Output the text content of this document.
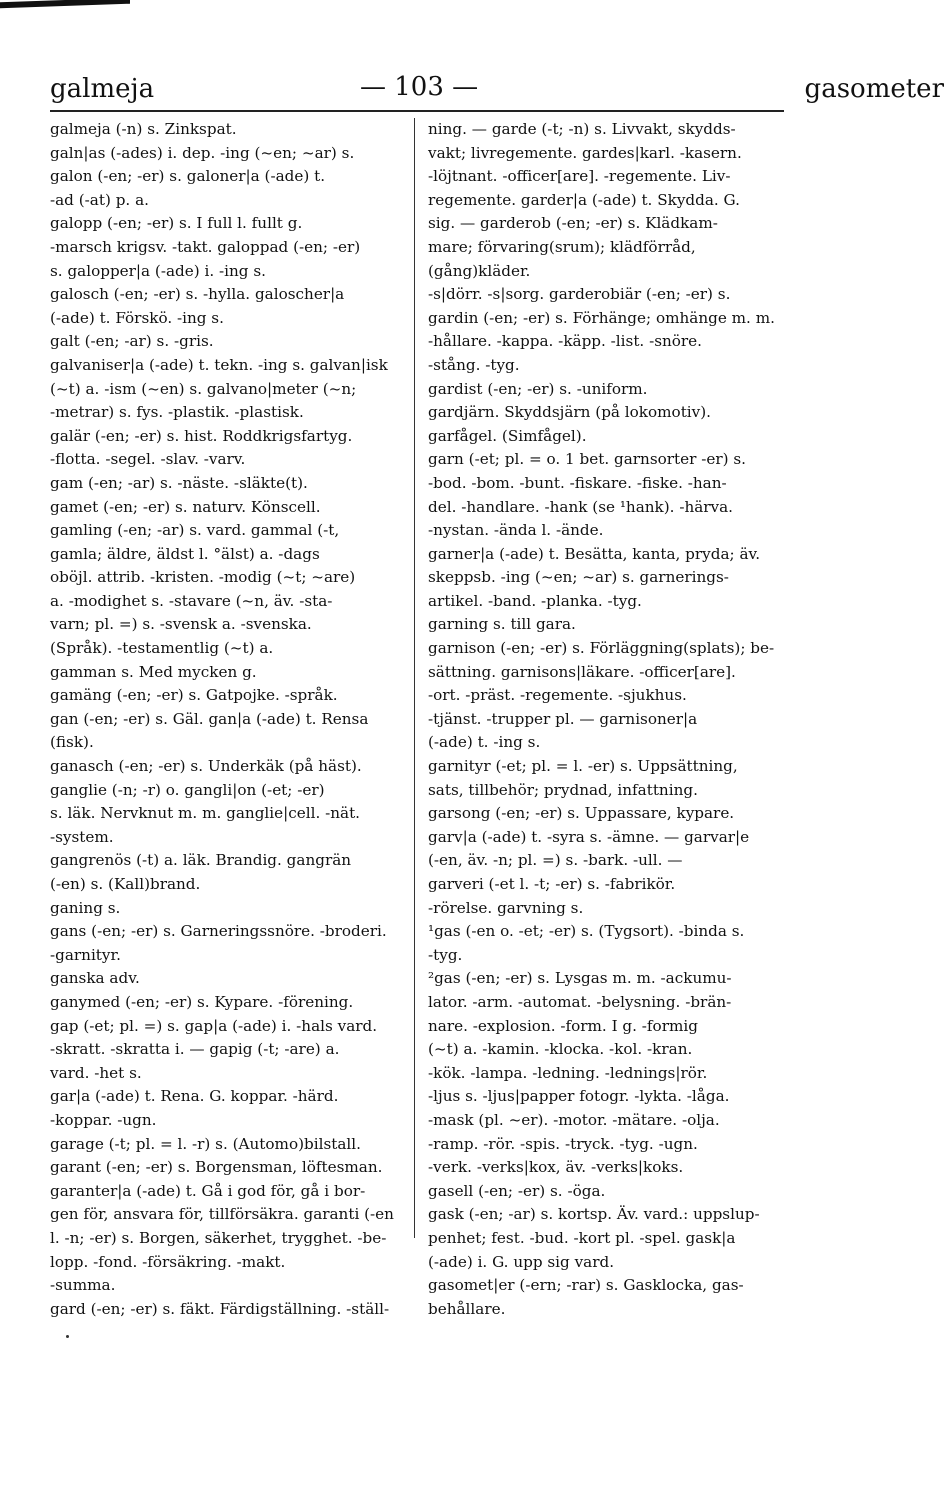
galmeja	— 103 —	gasometer
galmeja (-n) s. Zinkspat.
galn|as (-ades) i. dep. -ing (~en; ~ar) s.
galon (-en; -er) s. galoner|a (-ade) t.
-ad (-at) p. a.
galopp (-en; -er) s. I full l. fullt g.
-marsch krigsv. -takt. galoppad (-en; -er)
s. galopper|a (-ade) i. -ing s.
galosch (-en; -er) s. -hylla. galoscher|a
(-ade) t. Förskö. -ing s.
galt (-en; -ar) s. -gris.
galvaniser|a (-ade) t. tekn. -ing s. galvan|isk
(~t) a. -ism (~en) s. galvano|meter (~n;
-metrar) s. fys. -plastik. -plastisk.
galär (-en; -er) s. hist. Roddkrigsfartyg.
-flotta. -segel. -slav. -varv.
gam (-en; -ar) s. -näste. -släkte(t).
gamet (-en; -er) s. naturv. Könscell.
gamling (-en; -ar) s. vard. gammal (-t,
gamla; äldre, äldst l. °älst) a. -dags
oböjl. attrib. -kristen. -modig (~t; ~are)
a. -modighet s. -stavare (~n, äv. -sta-
varn; pl. =) s. -svensk a. -svenska.
(Språk). -testamentlig (~t) a.
gamman s. Med mycken g.
gamäng (-en; -er) s. Gatpojke. -språk.
gan (-en; -er) s. Gäl. gan|a (-ade) t. Rensa (fisk).
ganasch (-en; -er) s. Underkäk (på häst).
ganglie (-n; -r) o. gangli|on (-et; -er)
s. läk. Nervknut m. m. ganglie|cell. -nät.
-system.
gangrenös (-t) a. läk. Brandig. gangrän
(-en) s. (Kall)brand.
ganing s.
gans (-en; -er) s. Garneringssnöre. -broderi.
-garnityr.
ganska adv.
ganymed (-en; -er) s. Kypare. -förening.
gap (-et; pl. =) s. gap|a (-ade) i. -hals vard.
-skratt. -skratta i. — gapig (-t; -are) a.
vard. -het s.
gar|a (-ade) t. Rena. G. koppar. -härd.
-koppar. -ugn.
garage (-t; pl. = l. -r) s. (Automo)bilstall.
garant (-en; -er) s. Borgensman, löftesman.
garanter|a (-ade) t. Gå i god för, gå i bor-
gen för, ansvara för, tillförsäkra. garanti (-en
l. -n; -er) s. Borgen, säkerhet, trygghet. -be-
lopp. -fond. -försäkring. -makt.
-summa.
gard (-en; -er) s. fäkt. Färdigställning. -ställ-
ning. — garde (-t; -n) s. Livvakt, skydds-
vakt; livregemente. gardes|karl. -kasern.
-löjtnant. -officer[are]. -regemente. Liv-
regemente. garder|a (-ade) t. Skydda. G.
sig. — garderob (-en; -er) s. Klädkam-
mare; förvaring(srum); klädförråd, (gång)kläder.
-s|dörr. -s|sorg. garderobiär (-en; -er) s.
gardin (-en; -er) s. Förhänge; omhänge m. m.
-hållare. -kappa. -käpp. -list. -snöre.
-stång. -tyg.
gardist (-en; -er) s. -uniform.
gardjärn. Skyddsjärn (på lokomotiv).
garfågel. (Simfågel).
garn (-et; pl. = o. 1 bet. garnsorter -er) s.
-bod. -bom. -bunt. -fiskare. -fiske. -han-
del. -handlare. -hank (se ¹hank). -härva.
-nystan. -ända l. -ände.
garner|a (-ade) t. Besätta, kanta, pryda; äv.
skeppsb. -ing (~en; ~ar) s. garnerings-
artikel. -band. -planka. -tyg.
garning s. till gara.
garnison (-en; -er) s. Förläggning(splats); be-
sättning. garnisons|läkare. -officer[are].
-ort. -präst. -regemente. -sjukhus.
-tjänst. -trupper pl. — garnisoner|a
(-ade) t. -ing s.
garnityr (-et; pl. = l. -er) s. Uppsättning,
sats, tillbehör; prydnad, infattning.
garsong (-en; -er) s. Uppassare, kypare.
garv|a (-ade) t. -syra s. -ämne. — garvar|e
(-en, äv. -n; pl. =) s. -bark. -ull. —
garveri (-et l. -t; -er) s. -fabrikör.
-rörelse. garvning s.
¹gas (-en o. -et; -er) s. (Tygsort). -binda s.
-tyg.
²gas (-en; -er) s. Lysgas m. m. -ackumu-
lator. -arm. -automat. -belysning. -brän-
nare. -explosion. -form. I g. -formig
(~t) a. -kamin. -klocka. -kol. -kran.
-kök. -lampa. -ledning. -lednings|rör.
-ljus s. -ljus|papper fotogr. -lykta. -låga.
-mask (pl. ~er). -motor. -mätare. -olja.
-ramp. -rör. -spis. -tryck. -tyg. -ugn.
-verk. -verks|kox, äv. -verks|koks.
gasell (-en; -er) s. -öga.
gask (-en; -ar) s. kortsp. Äv. vard.: uppslup-
penhet; fest. -bud. -kort pl. -spel. gask|a
(-ade) i. G. upp sig vard.
gasomet|er (-ern; -rar) s. Gasklocka, gas-
behållare.
